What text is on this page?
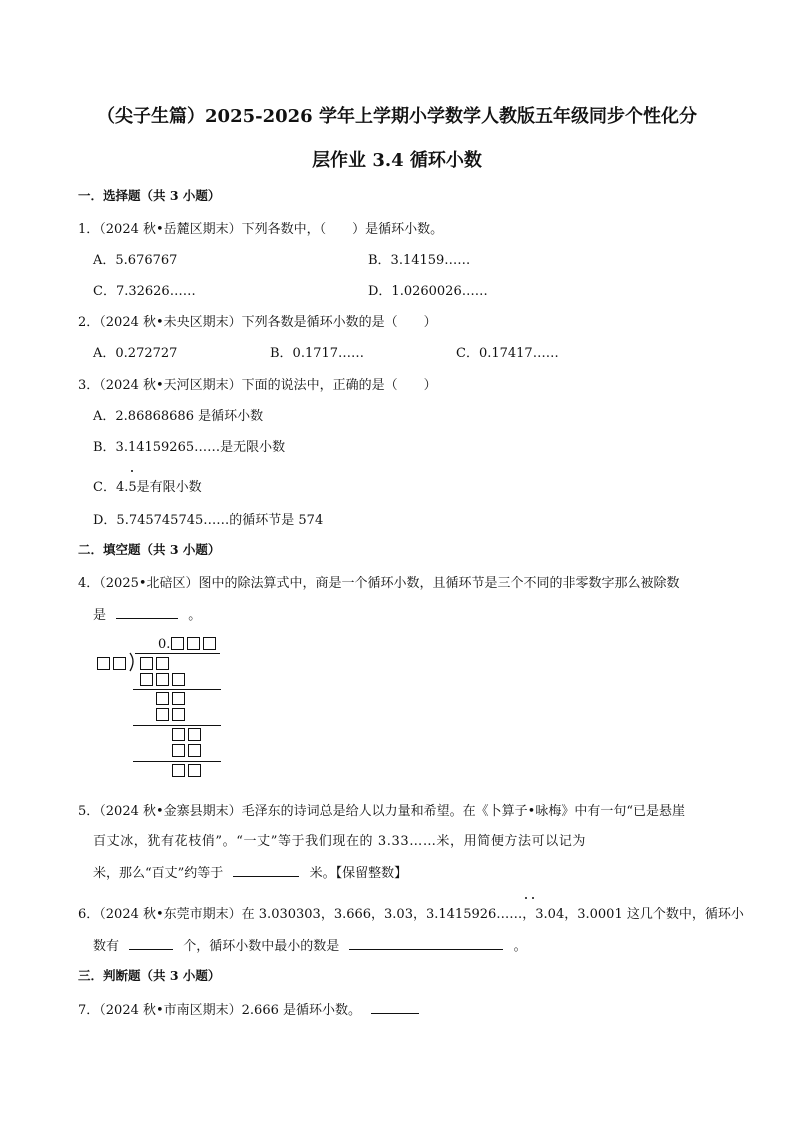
（尖子生篇）2025-2026 学年上学期小学数学人教版五年级同步个性化分
层作业 3.4 循环小数
一．选择题（共 3 小题）
1．（2024 秋•岳麓区期末）下列各数中，（　　）是循环小数。
A．5.676767	B．3.14159……
C．7.32626……	D．1.0260026……
2．（2024 秋•未央区期末）下列各数是循环小数的是（　　）
A．0.272727	B．0.1717……	C．0.17417……
3．（2024 秋•天河区期末）下面的说法中，正确的是（　　）
A．2.86868686 是循环小数
B．3.14159265……是无限小数
C．4.5是有限小数
D．5.745745745……的循环节是 574
二．填空题（共 3 小题）
4．（2025•北碚区）图中的除法算式中，商是一个循环小数，且循环节是三个不同的非零数字那么被除数
是	。
0.
5．（2024 秋•金寨县期末）毛泽东的诗词总是给人以力量和希望。在《卜算子•咏梅》中有一句“已是悬崖
百丈冰，犹有花枝俏”。“一丈”等于我们现在的 3.33……米，用简便方法可以记为
米，那么“百丈”约等于	米。【保留整数】
6．（2024 秋•东莞市期末）在 3.030303，3.666，3.03，3.1415926……，3.04，3.0001 这几个数中，循环小
数有	个，循环小数中最小的数是	。
三．判断题（共 3 小题）
7．（2024 秋•市南区期末）2.666 是循环小数。
